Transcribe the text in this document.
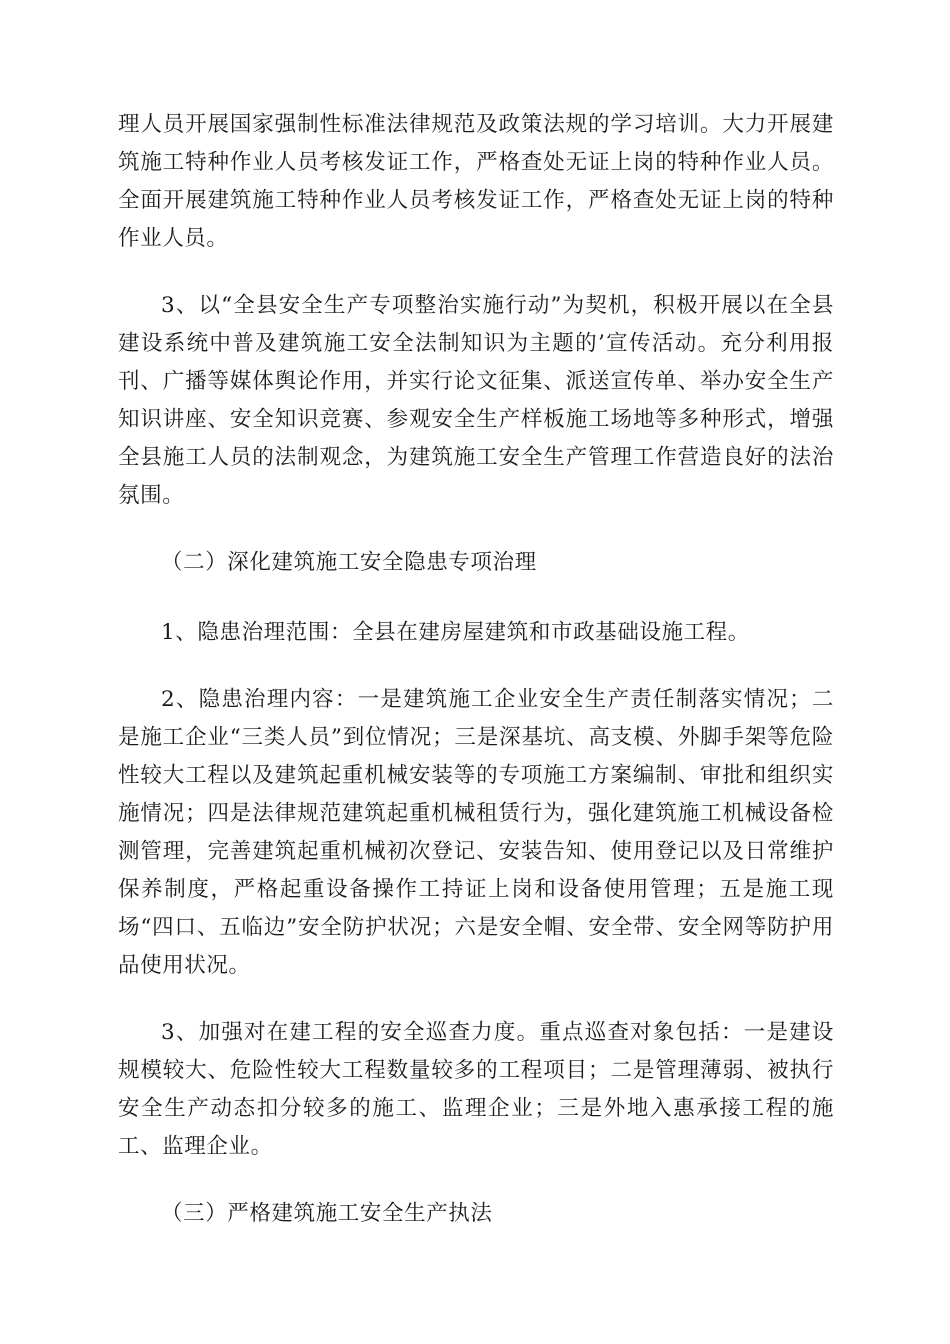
理人员开展国家强制性标准法律规范及政策法规的学习培训。大力开展建筑施工特种作业人员考核发证工作，严格查处无证上岗的特种作业人员。全面开展建筑施工特种作业人员考核发证工作，严格查处无证上岗的特种作业人员。

3、以“全县安全生产专项整治实施行动”为契机，积极开展以在全县建设系统中普及建筑施工安全法制知识为主题的’宣传活动。充分利用报刊、广播等媒体舆论作用，并实行论文征集、派送宣传单、举办安全生产知识讲座、安全知识竞赛、参观安全生产样板施工场地等多种形式，增强全县施工人员的法制观念，为建筑施工安全生产管理工作营造良好的法治氛围。

（二）深化建筑施工安全隐患专项治理

1、隐患治理范围：全县在建房屋建筑和市政基础设施工程。

2、隐患治理内容：一是建筑施工企业安全生产责任制落实情况；二是施工企业“三类人员”到位情况；三是深基坑、高支模、外脚手架等危险性较大工程以及建筑起重机械安装等的专项施工方案编制、审批和组织实施情况；四是法律规范建筑起重机械租赁行为，强化建筑施工机械设备检测管理，完善建筑起重机械初次登记、安装告知、使用登记以及日常维护保养制度，严格起重设备操作工持证上岗和设备使用管理；五是施工现场“四口、五临边”安全防护状况；六是安全帽、安全带、安全网等防护用品使用状况。

3、加强对在建工程的安全巡查力度。重点巡查对象包括：一是建设规模较大、危险性较大工程数量较多的工程项目；二是管理薄弱、被执行安全生产动态扣分较多的施工、监理企业；三是外地入惠承接工程的施工、监理企业。

（三）严格建筑施工安全生产执法
